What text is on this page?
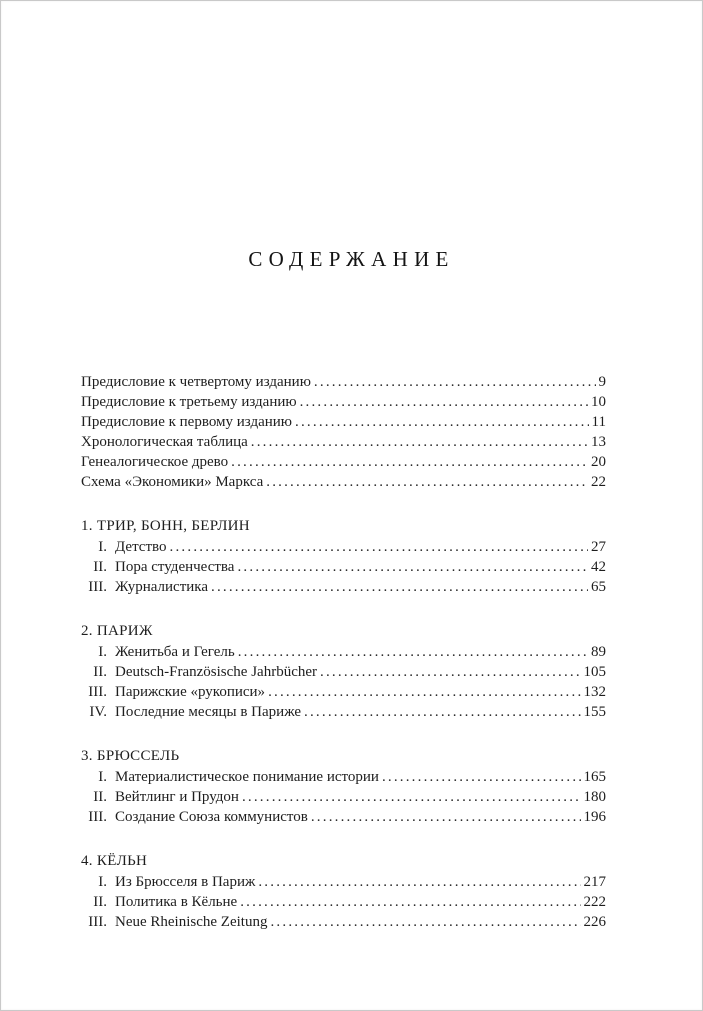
СОДЕРЖАНИЕ
Предисловие к четвертому изданию .....	9
Предисловие к третьему изданию .....	10
Предисловие к первому изданию .....	11
Хронологическая таблица .....	13
Генеалогическое древо .....	20
Схема «Экономики» Маркса .....	22
1. ТРИР, БОНН, БЕРЛИН
I. Детство .....	27
II. Пора студенчества .....	42
III. Журналистика .....	65
2. ПАРИЖ
I. Женитьба и Гегель .....	89
II. Deutsch-Französische Jahrbücher .....	105
III. Парижские «рукописи» .....	132
IV. Последние месяцы в Париже .....	155
3. БРЮССЕЛЬ
I. Материалистическое понимание истории .....	165
II. Вейтлинг и Прудон .....	180
III. Создание Союза коммунистов .....	196
4. КЁЛЬН
I. Из Брюсселя в Париж .....	217
II. Политика в Кёльне .....	222
III. Neue Rheinische Zeitung .....	226
